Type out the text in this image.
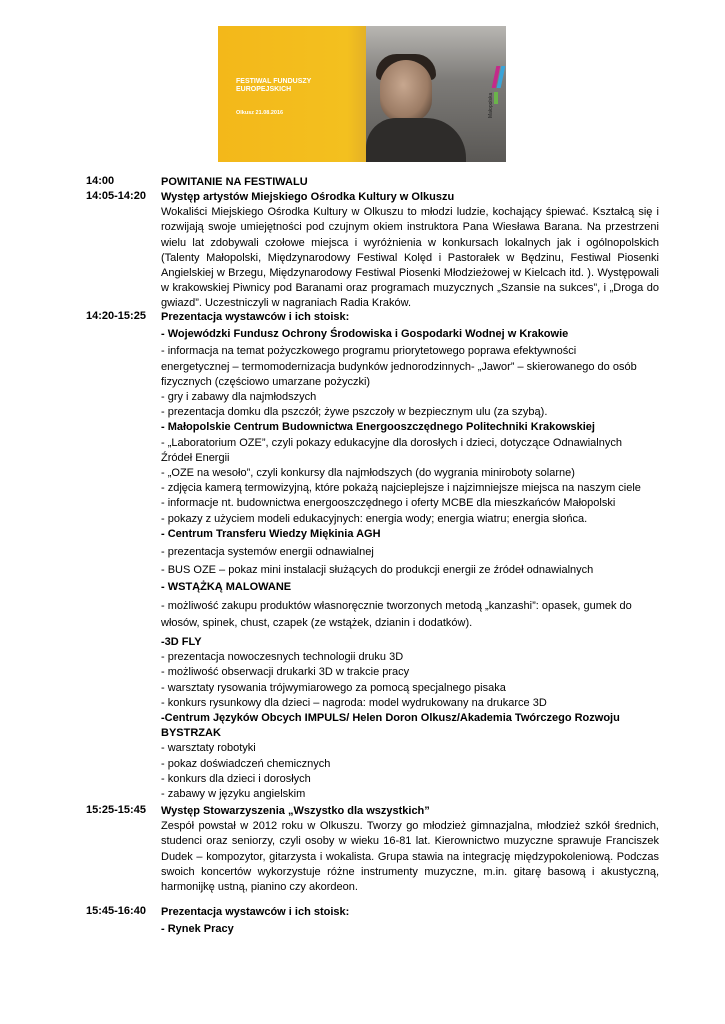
FESTIWAL FUNDUSZY EUROPEJSKICH
Olkusz 21.08.2016	Małopolska
14:00	POWITANIE NA FESTIWALU
14:05-14:20 Występ artystów Miejskiego Ośrodka Kultury w Olkuszu
Wokaliści Miejskiego Ośrodka Kultury w Olkuszu to młodzi ludzie, kochający śpiewać. Kształcą się i rozwijają swoje umiejętności pod czujnym okiem instruktora Pana Wiesława Barana. Na przestrzeni wielu lat zdobywali czołowe miejsca i wyróżnienia w konkursach lokalnych jak i ogólnopolskich (Talenty Małopolski, Międzynarodowy Festiwal Kolęd i Pastorałek w Będzinu, Festiwal Piosenki Angielskiej w Brzegu, Międzynarodowy Festiwal Piosenki Młodzieżowej w Kielcach itd. ). Występowali w krakowskiej Piwnicy pod Baranami oraz programach muzycznych „Szansie na sukces”, i „Droga do gwiazd”. Uczestniczyli w nagraniach Radia Kraków.
14:20-15:25 Prezentacja wystawców i ich stoisk:
- Wojewódzki Fundusz Ochrony Środowiska i Gospodarki Wodnej w Krakowie
- informacja na temat pożyczkowego programu priorytetowego poprawa efektywności
energetycznej – termomodernizacja budynków jednorodzinnych- „Jawor” – skierowanego do osób
fizycznych (częściowo umarzane pożyczki)
- gry i zabawy dla najmłodszych
- prezentacja domku dla pszczół; żywe pszczoły w bezpiecznym ulu (za szybą).
- Małopolskie Centrum Budownictwa Energooszczędnego Politechniki Krakowskiej
- „Laboratorium OZE”, czyli pokazy edukacyjne dla dorosłych i dzieci, dotyczące Odnawialnych
Źródeł Energii
- „OZE na wesoło”, czyli konkursy dla najmłodszych (do wygrania miniroboty solarne)
- zdjęcia kamerą termowizyjną, które pokażą najcieplejsze i najzimniejsze miejsca na naszym ciele
- informacje nt. budownictwa energooszczędnego i oferty MCBE dla mieszkańców Małopolski
- pokazy z użyciem modeli edukacyjnych: energia wody; energia wiatru; energia słońca.
- Centrum Transferu Wiedzy Miękinia AGH
- prezentacja systemów energii odnawialnej
- BUS OZE – pokaz mini instalacji służących do produkcji energii ze źródeł odnawialnych
- WSTĄŻKĄ MALOWANE
- możliwość zakupu produktów własnoręcznie tworzonych metodą „kanzashi”: opasek, gumek do
włosów, spinek, chust, czapek (ze wstążek, dzianin i dodatków).
-3D FLY
- prezentacja nowoczesnych technologii druku 3D
- możliwość obserwacji drukarki 3D w trakcie pracy
- warsztaty rysowania trójwymiarowego za pomocą specjalnego pisaka
- konkurs rysunkowy dla dzieci – nagroda: model wydrukowany na drukarce 3D
-Centrum Języków Obcych IMPULS/ Helen Doron Olkusz/Akademia Twórczego Rozwoju
BYSTRZAK
- warsztaty robotyki
- pokaz doświadczeń chemicznych
- konkurs dla dzieci i dorosłych
- zabawy w języku angielskim
15:25-15:45 Występ Stowarzyszenia „Wszystko dla wszystkich”
Zespół powstał w 2012 roku w Olkuszu. Tworzy go młodzież gimnazjalna, młodzież szkół średnich, studenci oraz seniorzy, czyli osoby w wieku 16-81 lat. Kierownictwo muzyczne sprawuje Franciszek Dudek – kompozytor, gitarzysta i wokalista. Grupa stawia na integrację międzypokoleniową. Podczas swoich koncertów wykorzystuje różne instrumenty muzyczne, m.in. gitarę basową i akustyczną, harmonijkę ustną, pianino czy akordeon.
15:45-16:40 Prezentacja wystawców i ich stoisk:
- Rynek Pracy
